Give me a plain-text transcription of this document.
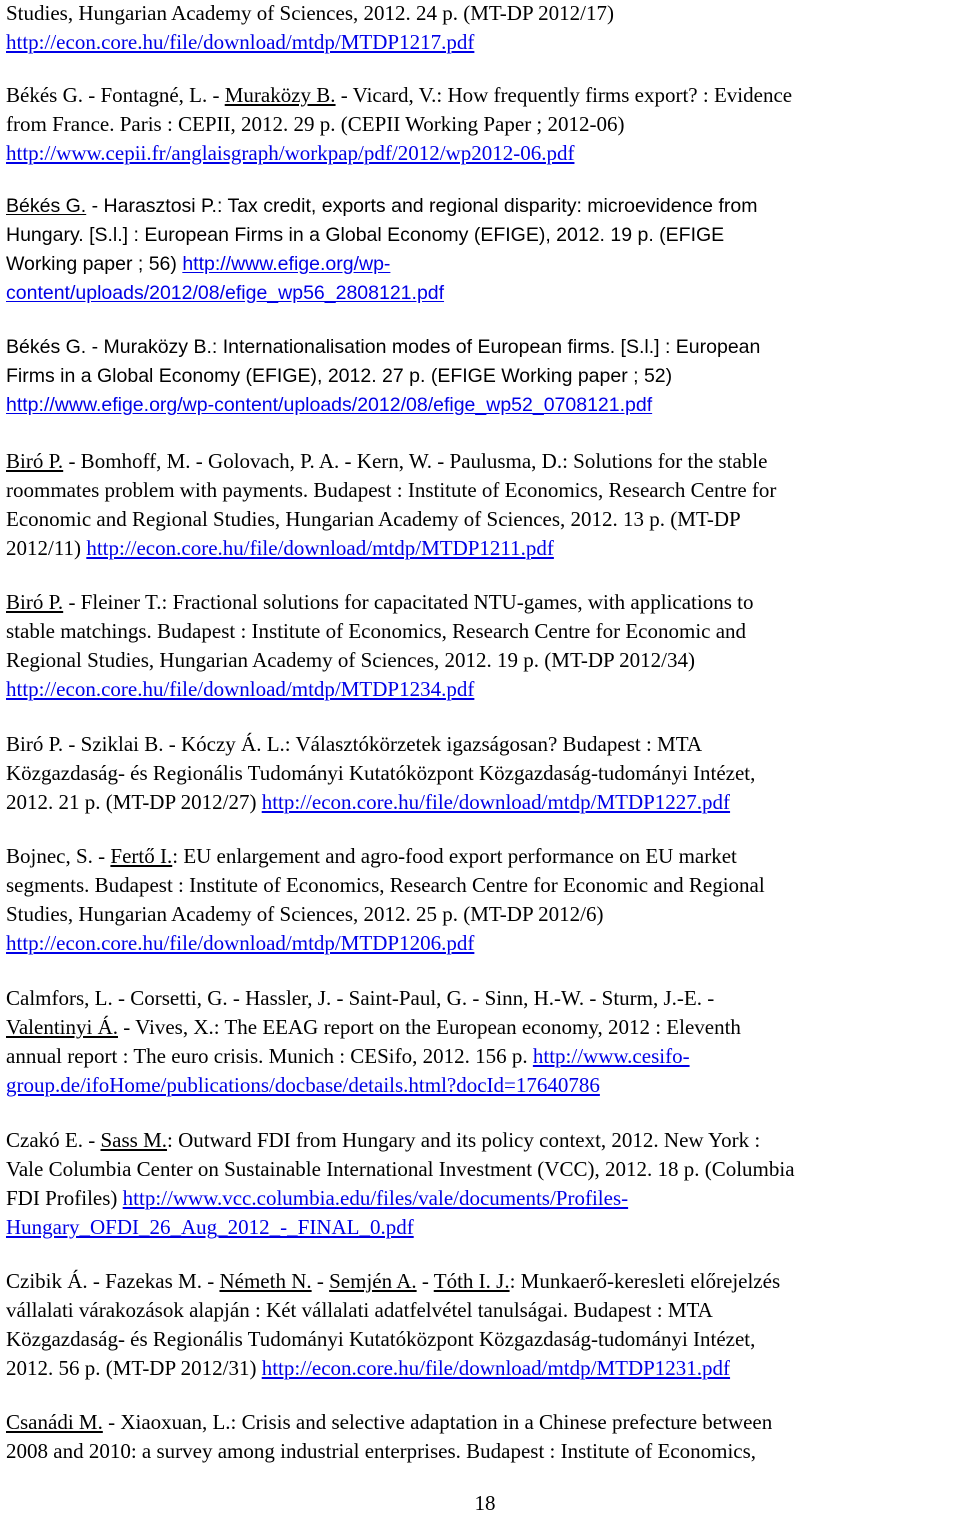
Studies, Hungarian Academy of Sciences, 2012. 24 p. (MT-DP 2012/17)
http://econ.core.hu/file/download/mtdp/MTDP1217.pdf
Békés G. - Fontagné, L. - Muraközy B. - Vicard, V.: How frequently firms export? : Evidence
from France. Paris : CEPII, 2012. 29 p. (CEPII Working Paper ; 2012-06)
http://www.cepii.fr/anglaisgraph/workpap/pdf/2012/wp2012-06.pdf
Békés G. - Harasztosi P.: Tax credit, exports and regional disparity: microevidence from
Hungary. [S.l.] : European Firms in a Global Economy (EFIGE), 2012. 19 p. (EFIGE
Working paper ; 56) http://www.efige.org/wp-
content/uploads/2012/08/efige_wp56_2808121.pdf
Békés G. - Muraközy B.: Internationalisation modes of European firms. [S.l.] : European
Firms in a Global Economy (EFIGE), 2012. 27 p. (EFIGE Working paper ; 52)
http://www.efige.org/wp-content/uploads/2012/08/efige_wp52_0708121.pdf
Biró P. - Bomhoff, M. - Golovach, P. A. - Kern, W. - Paulusma, D.: Solutions for the stable
roommates problem with payments. Budapest : Institute of Economics, Research Centre for
Economic and Regional Studies, Hungarian Academy of Sciences, 2012. 13 p. (MT-DP
2012/11) http://econ.core.hu/file/download/mtdp/MTDP1211.pdf
Biró P. - Fleiner T.: Fractional solutions for capacitated NTU-games, with applications to
stable matchings. Budapest : Institute of Economics, Research Centre for Economic and
Regional Studies, Hungarian Academy of Sciences, 2012. 19 p. (MT-DP 2012/34)
http://econ.core.hu/file/download/mtdp/MTDP1234.pdf
Biró P. - Sziklai B. - Kóczy Á. L.: Választókörzetek igazságosan? Budapest : MTA
Közgazdaság- és Regionális Tudományi Kutatóközpont Közgazdaság-tudományi Intézet,
2012. 21 p. (MT-DP 2012/27) http://econ.core.hu/file/download/mtdp/MTDP1227.pdf
Bojnec, S. - Fertő I.: EU enlargement and agro-food export performance on EU market
segments. Budapest : Institute of Economics, Research Centre for Economic and Regional
Studies, Hungarian Academy of Sciences, 2012. 25 p. (MT-DP 2012/6)
http://econ.core.hu/file/download/mtdp/MTDP1206.pdf
Calmfors, L. - Corsetti, G. - Hassler, J. - Saint-Paul, G. - Sinn, H.-W. - Sturm, J.-E. -
Valentinyi Á. - Vives, X.: The EEAG report on the European economy, 2012 : Eleventh
annual report : The euro crisis. Munich : CESifo, 2012. 156 p. http://www.cesifo-
group.de/ifoHome/publications/docbase/details.html?docId=17640786
Czakó E. - Sass M.: Outward FDI from Hungary and its policy context, 2012. New York :
Vale Columbia Center on Sustainable International Investment (VCC), 2012. 18 p. (Columbia
FDI Profiles) http://www.vcc.columbia.edu/files/vale/documents/Profiles-
Hungary_OFDI_26_Aug_2012_-_FINAL_0.pdf
Czibik Á. - Fazekas M. - Németh N. - Semjén A. - Tóth I. J.: Munkaerő-keresleti előrejelzés
vállalati várakozások alapján : Két vállalati adatfelvétel tanulságai. Budapest : MTA
Közgazdaság- és Regionális Tudományi Kutatóközpont Közgazdaság-tudományi Intézet,
2012. 56 p. (MT-DP 2012/31) http://econ.core.hu/file/download/mtdp/MTDP1231.pdf
Csanádi M. - Xiaoxuan, L.: Crisis and selective adaptation in a Chinese prefecture between
2008 and 2010: a survey among industrial enterprises. Budapest : Institute of Economics,
18
